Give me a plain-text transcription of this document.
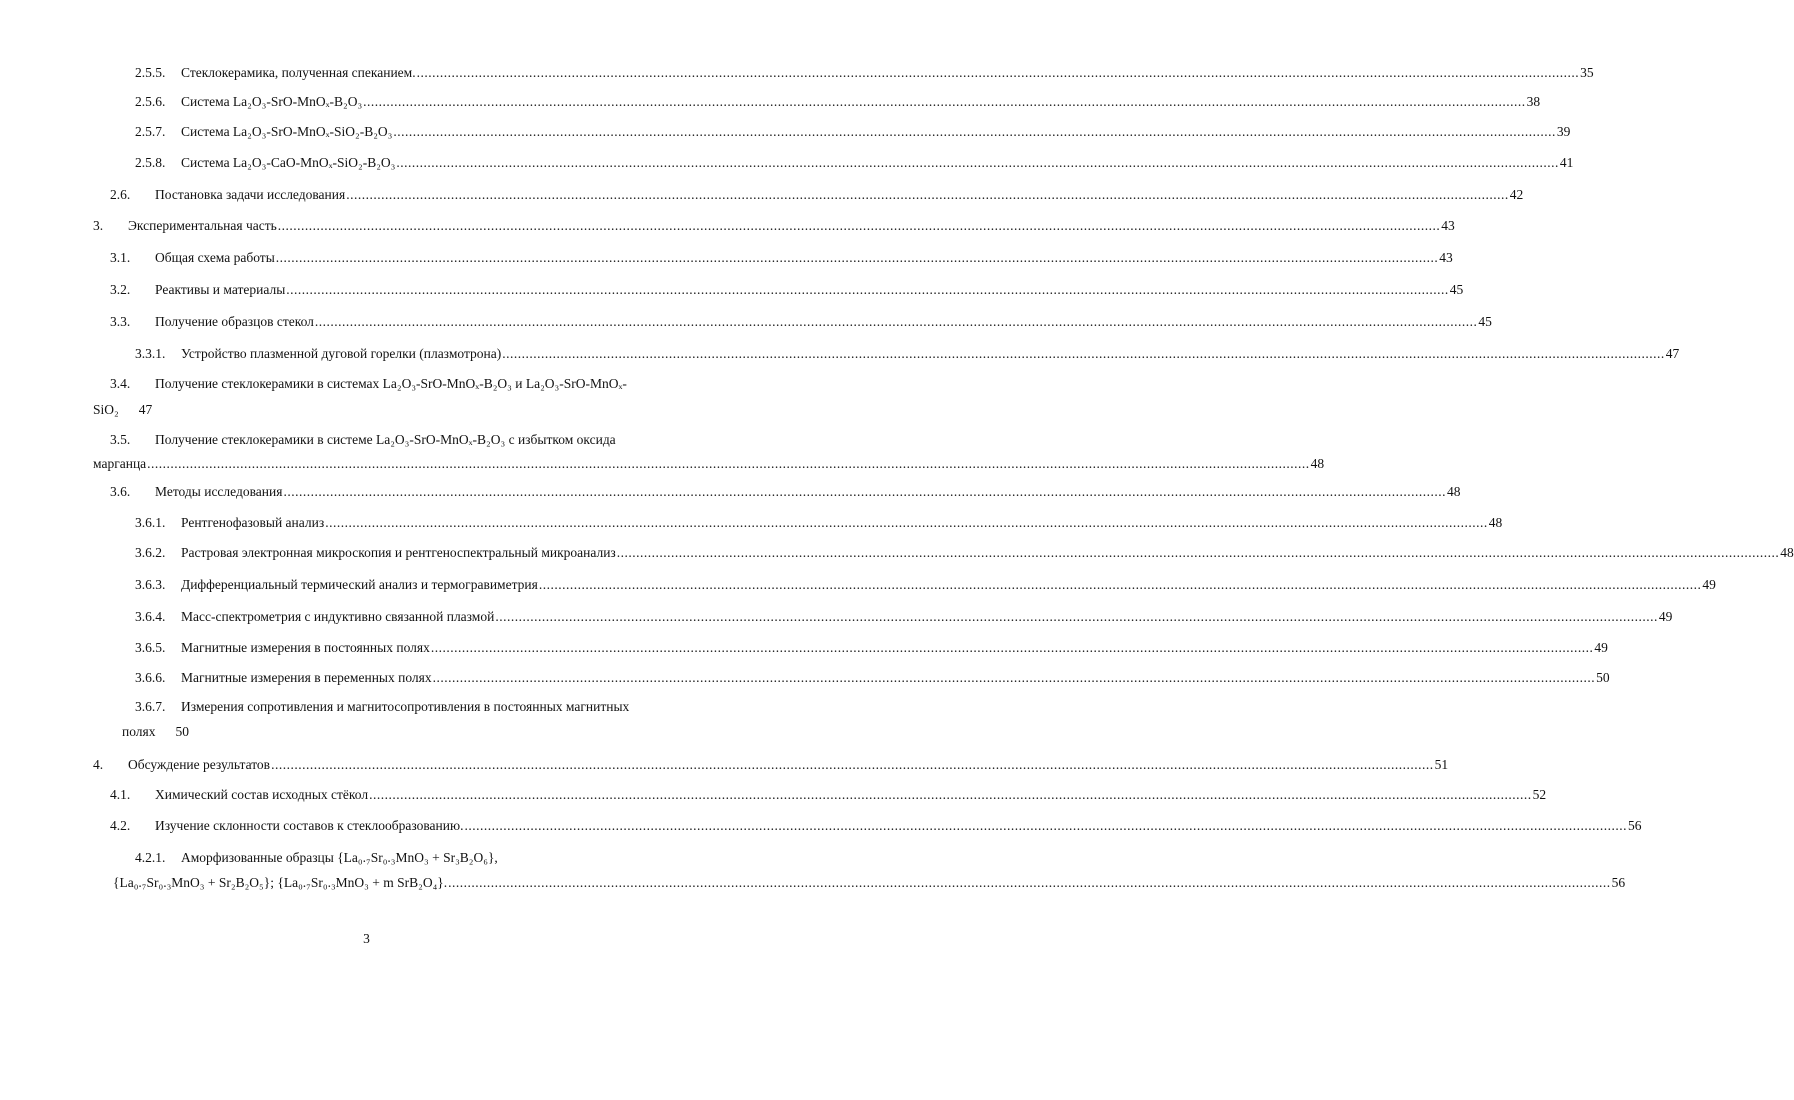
2.5.5.	Стеклокерамика, полученная спеканием. ............................................................................................................................................................................................................................................................................................................ 35
2.5.6.	Система La₂O₃-SrO-MnOₓ-B₂O₃ ............................................................................................................................................................................................................................................................................................................ 38
2.5.7.	Система La₂O₃-SrO-MnOₓ-SiO₂-B₂O₃ ............................................................................................................................................................................................................................................................................................................ 39
2.5.8.	Система La₂O₃-CaO-MnOₓ-SiO₂-B₂O₃ ............................................................................................................................................................................................................................................................................................................ 41
2.6.	Постановка задачи исследования ............................................................................................................................................................................................................................................................................................................ 42
3.	Экспериментальная часть ............................................................................................................................................................................................................................................................................................................ 43
3.1.	Общая схема работы ............................................................................................................................................................................................................................................................................................................ 43
3.2.	Реактивы и материалы ............................................................................................................................................................................................................................................................................................................ 45
3.3.	Получение образцов стекол ............................................................................................................................................................................................................................................................................................................ 45
3.3.1.	Устройство плазменной дуговой горелки (плазмотрона) ............................................................................................................................................................................................................................................................................................................ 47
3.4.	Получение стеклокерамики в системах La₂O₃-SrO-MnOₓ-B₂O₃ и La₂O₃-SrO-MnOₓ-
SiO₂ 47
3.5.	Получение стеклокерамики в системе La₂O₃-SrO-MnOₓ-B₂O₃ с избытком оксида
марганца ............................................................................................................................................................................................................................................................................................................ 48
3.6.	Методы исследования ............................................................................................................................................................................................................................................................................................................ 48
3.6.1.	Рентгенофазовый анализ ............................................................................................................................................................................................................................................................................................................ 48
3.6.2.	Растровая электронная микроскопия и рентгеноспектральный микроанализ ............................................................................................................................................................................................................................................................................................................ 48
3.6.3.	Дифференциальный термический анализ и термогравиметрия ............................................................................................................................................................................................................................................................................................................ 49
3.6.4.	Масс-спектрометрия с индуктивно связанной плазмой ............................................................................................................................................................................................................................................................................................................ 49
3.6.5.	Магнитные измерения в постоянных полях ............................................................................................................................................................................................................................................................................................................ 49
3.6.6.	Магнитные измерения в переменных полях ............................................................................................................................................................................................................................................................................................................ 50
3.6.7.	Измерения сопротивления и магнитосопротивления в постоянных магнитных
полях 50
4.	Обсуждение результатов ............................................................................................................................................................................................................................................................................................................ 51
4.1.	Химический состав исходных стёкол ............................................................................................................................................................................................................................................................................................................ 52
4.2.	Изучение склонности составов к стеклообразованию. ............................................................................................................................................................................................................................................................................................................ 56
4.2.1.	Аморфизованные образцы {La₀.₇Sr₀.₃MnO₃ + Sr₃B₂O₆},
{La₀.₇Sr₀.₃MnO₃ + Sr₂B₂O₅}; {La₀.₇Sr₀.₃MnO₃ + m SrB₂O₄}. ............................................................................................................................................................................................................................................................................................................ 56
3
